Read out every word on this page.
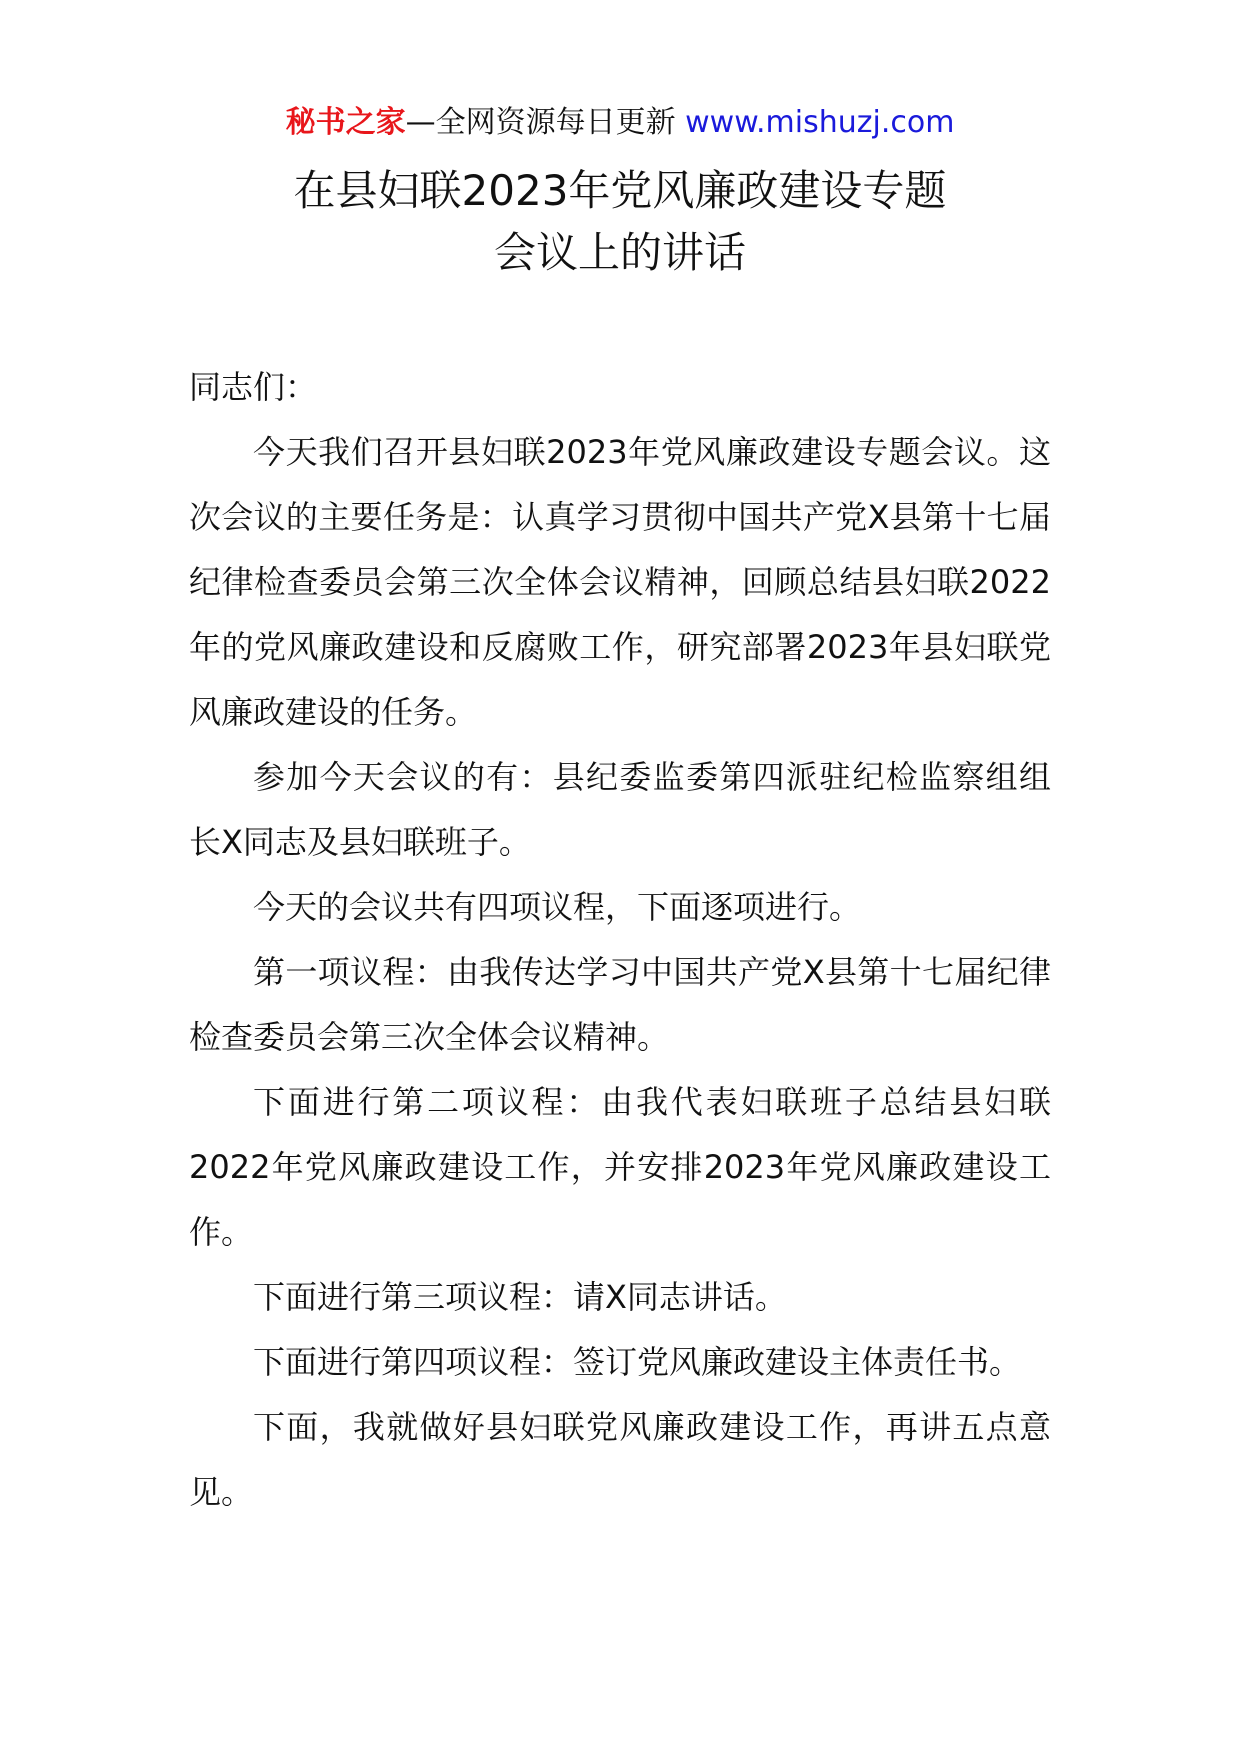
秘书之家—全网资源每日更新 www.mishuzj.com
在县妇联2023年党风廉政建设专题
会议上的讲话

同志们：

今天我们召开县妇联2023年党风廉政建设专题会议。这次会议的主要任务是：认真学习贯彻中国共产党X县第十七届纪律检查委员会第三次全体会议精神，回顾总结县妇联2022年的党风廉政建设和反腐败工作，研究部署2023年县妇联党风廉政建设的任务。

参加今天会议的有：县纪委监委第四派驻纪检监察组组长X同志及县妇联班子。

今天的会议共有四项议程，下面逐项进行。

第一项议程：由我传达学习中国共产党X县第十七届纪律检查委员会第三次全体会议精神。

下面进行第二项议程：由我代表妇联班子总结县妇联2022年党风廉政建设工作，并安排2023年党风廉政建设工作。

下面进行第三项议程：请X同志讲话。

下面进行第四项议程：签订党风廉政建设主体责任书。

下面，我就做好县妇联党风廉政建设工作，再讲五点意见。
